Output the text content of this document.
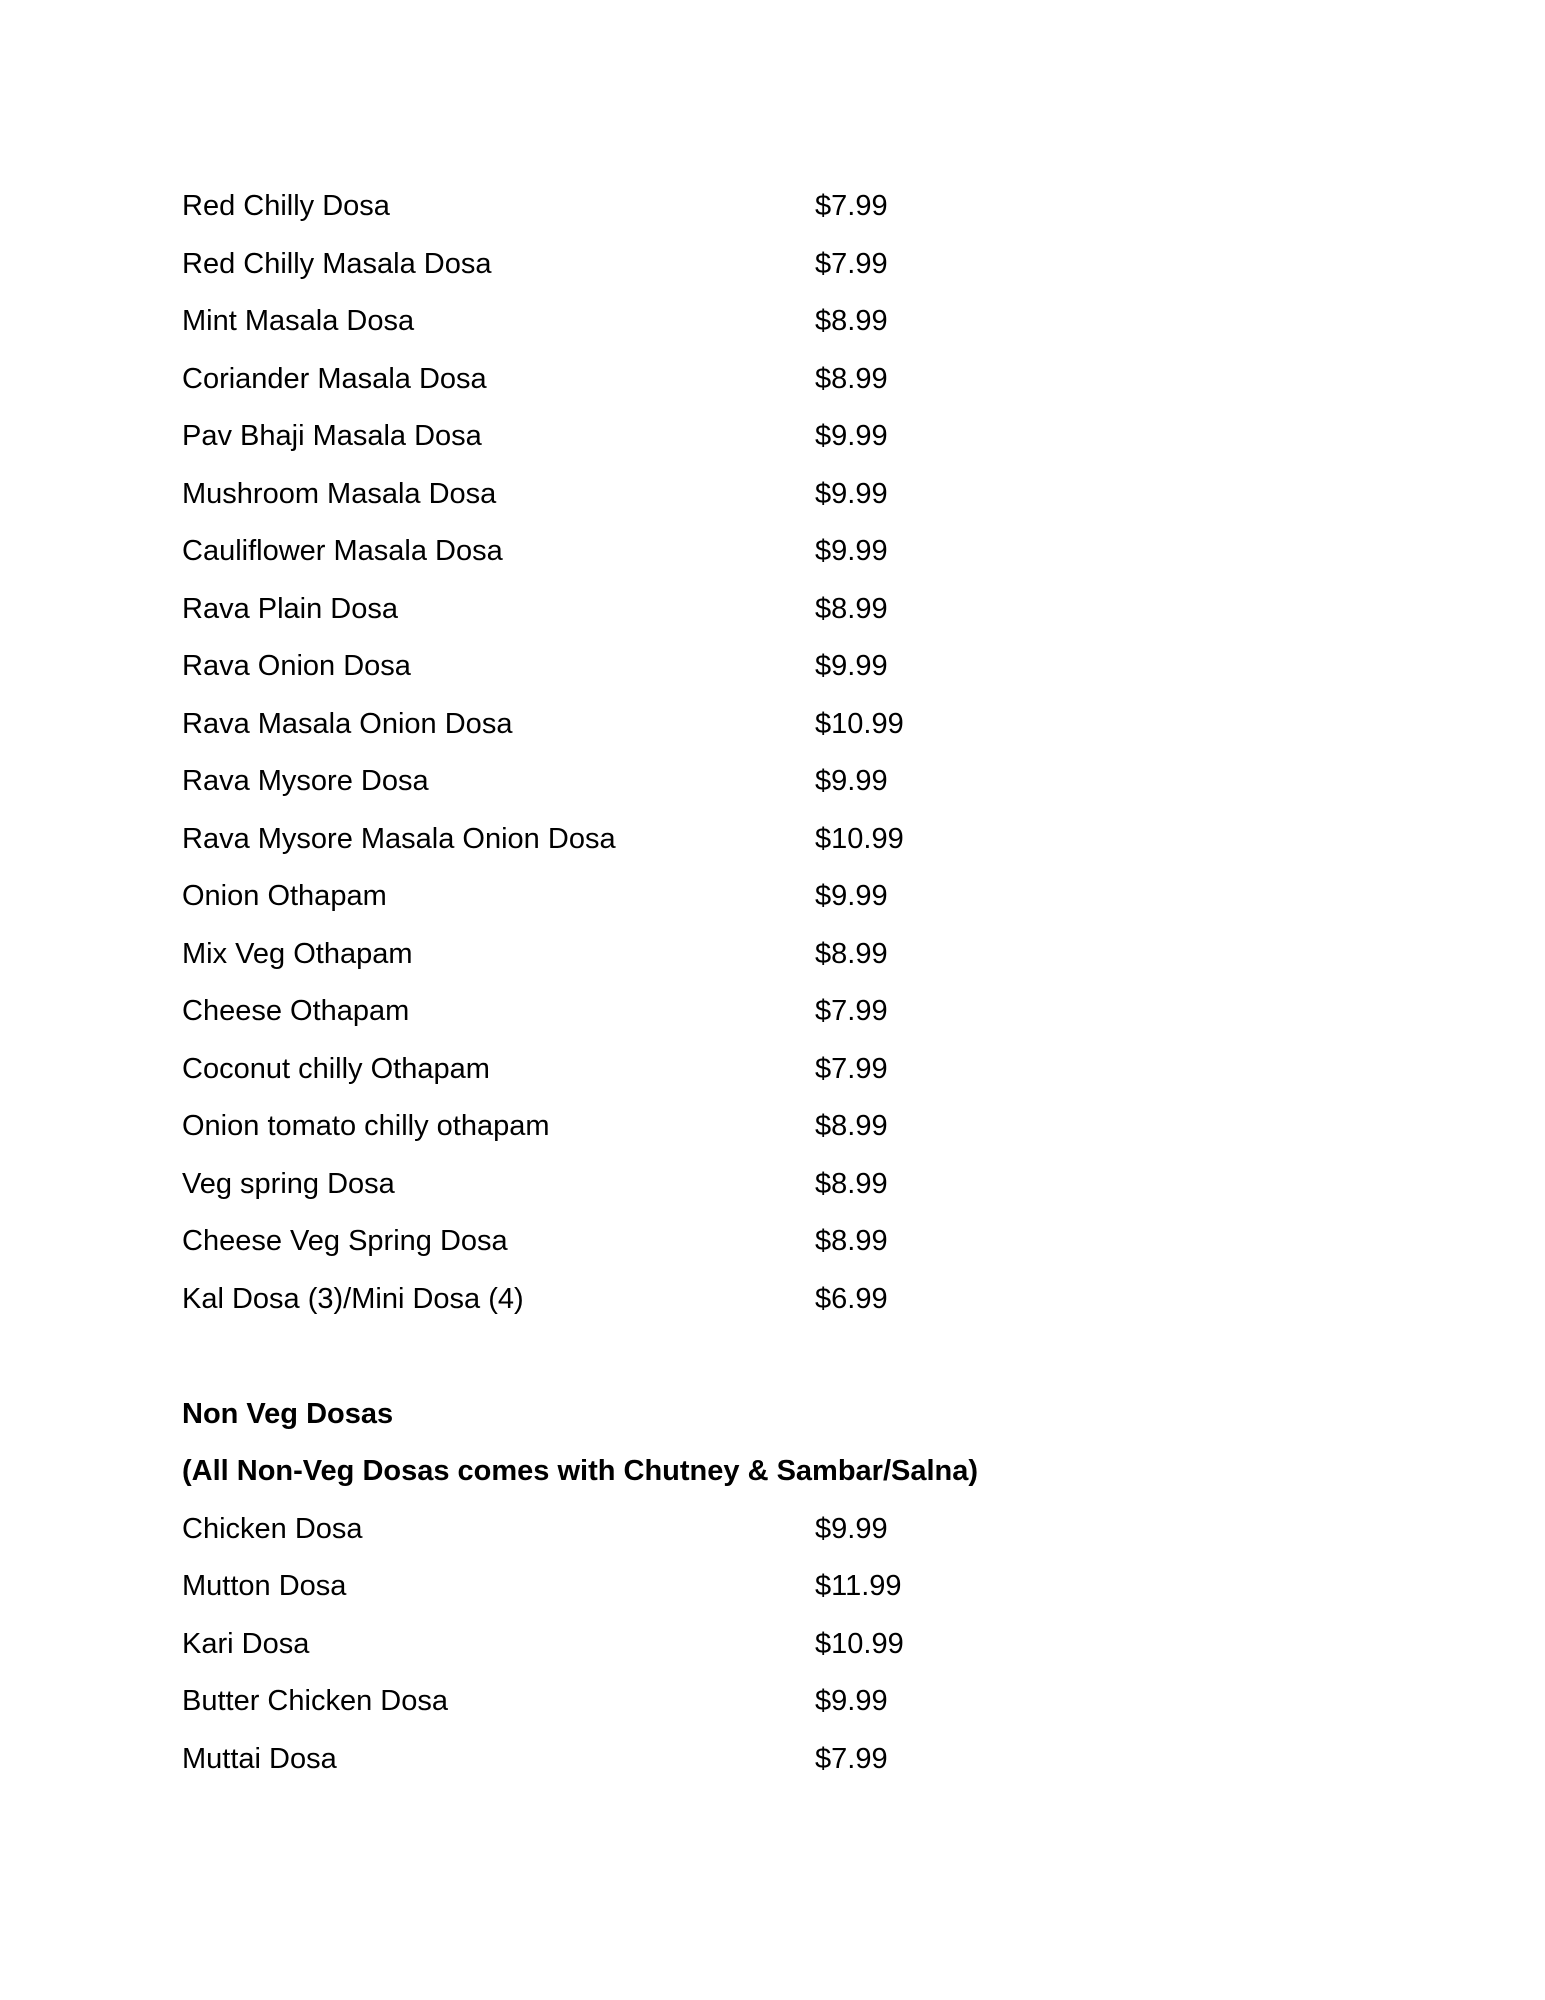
Red Chilly Dosa	$7.99
Red Chilly Masala Dosa	$7.99
Mint Masala Dosa	$8.99
Coriander Masala Dosa	$8.99
Pav Bhaji Masala Dosa	$9.99
Mushroom Masala Dosa	$9.99
Cauliflower Masala Dosa	$9.99
Rava Plain Dosa	$8.99
Rava Onion Dosa	$9.99
Rava Masala Onion Dosa	$10.99
Rava Mysore Dosa	$9.99
Rava Mysore Masala Onion Dosa	$10.99
Onion Othapam	$9.99
Mix Veg Othapam	$8.99
Cheese Othapam	$7.99
Coconut chilly Othapam	$7.99
Onion tomato chilly othapam	$8.99
Veg spring Dosa	$8.99
Cheese Veg Spring Dosa	$8.99
Kal Dosa (3)/Mini Dosa (4)	$6.99
Non Veg Dosas
(All Non-Veg Dosas comes with Chutney & Sambar/Salna)
Chicken Dosa	$9.99
Mutton Dosa	$11.99
Kari Dosa	$10.99
Butter Chicken Dosa	$9.99
Muttai Dosa	$7.99
